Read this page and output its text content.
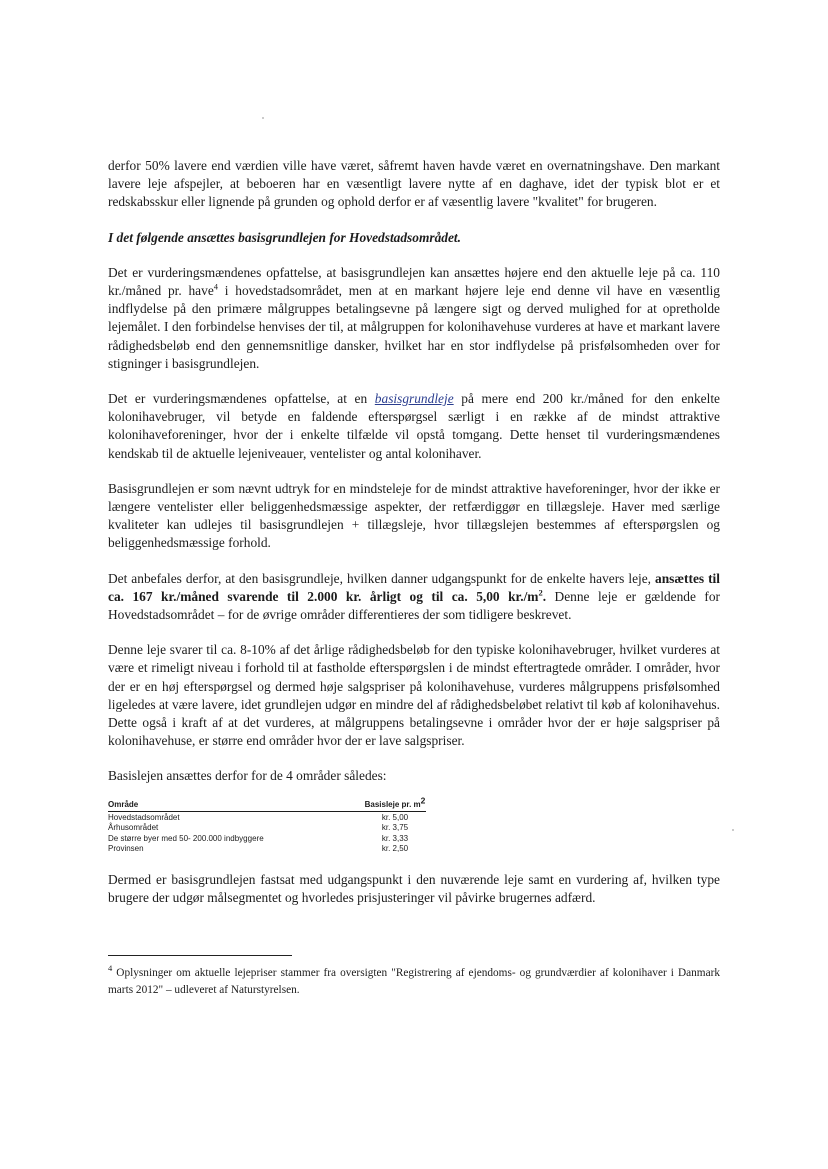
derfor 50% lavere end værdien ville have været, såfremt haven havde været en overnatningshave. Den markant lavere leje afspejler, at beboeren har en væsentligt lavere nytte af en daghave, idet der typisk blot er et redskabsskur eller lignende på grunden og ophold derfor er af væsentlig lavere "kvalitet" for brugeren.

I det følgende ansættes basisgrundlejen for Hovedstadsområdet.

Det er vurderingsmændenes opfattelse, at basisgrundlejen kan ansættes højere end den aktuelle leje på ca. 110 kr./måned pr. have$^4$ i hovedstadsområdet, men at en markant højere leje end denne vil have en væsentlig indflydelse på den primære målgruppes betalingsevne på længere sigt og derved mulighed for at opretholde lejemålet. I den forbindelse henvises der til, at målgruppen for kolonihavehuse vurderes at have et markant lavere rådighedsbeløb end den gennemsnitlige dansker, hvilket har en stor indflydelse på prisfølsomheden over for stigninger i basisgrundlejen.

Det er vurderingsmændenes opfattelse, at en basisgrundleje på mere end 200 kr./måned for den enkelte kolonihavebruger, vil betyde en faldende efterspørgsel særligt i en række af de mindst attraktive kolonihaveforeninger, hvor der i enkelte tilfælde vil opstå tomgang. Dette henset til vurderingsmændenes kendskab til de aktuelle lejeniveauer, ventelister og antal kolonihaver.

Basisgrundlejen er som nævnt udtryk for en mindsteleje for de mindst attraktive haveforeninger, hvor der ikke er længere ventelister eller beliggenhedsmæssige aspekter, der retfærdiggør en tillægsleje. Haver med særlige kvaliteter kan udlejes til basisgrundlejen + tillægsleje, hvor tillægslejen bestemmes af efterspørgslen og beliggenhedsmæssige forhold.

Det anbefales derfor, at den basisgrundleje, hvilken danner udgangspunkt for de enkelte havers leje, ansættes til ca. 167 kr./måned svarende til 2.000 kr. årligt og til ca. 5,00 $kr./m^2$. Denne leje er gældende for Hovedstadsområdet – for de øvrige områder differentieres der som tidligere beskrevet.

Denne leje svarer til ca. 8-10% af det årlige rådighedsbeløb for den typiske kolonihavebruger, hvilket vurderes at være et rimeligt niveau i forhold til at fastholde efterspørgslen i de mindst eftertragtede områder. I områder, hvor der er en høj efterspørgsel og dermed høje salgspriser på kolonihavehuse, vurderes målgruppens prisfølsomhed ligeledes at være lavere, idet grundlejen udgør en mindre del af rådighedsbeløbet relativt til køb af kolonihavehus. Dette også i kraft af at det vurderes, at målgruppens betalingsevne i områder hvor der er høje salgspriser på kolonihavehuse, er større end områder hvor der er lave salgspriser.

Basislejen ansættes derfor for de 4 områder således:

Område	Basisleje pr. $m^2$
Hovedstadsområdet	kr. 5,00
Århusområdet	kr. 3,75
De større byer med 50- 200.000 indbyggere	kr. 3,33
Provinsen	kr. 2,50

Dermed er basisgrundlejen fastsat med udgangspunkt i den nuværende leje samt en vurdering af, hvilken type brugere der udgør målsegmentet og hvorledes prisjusteringer vil påvirke brugernes adfærd.

$^4$ Oplysninger om aktuelle lejepriser stammer fra oversigten "Registrering af ejendoms- og grundværdier af kolonihaver i Danmark marts 2012" – udleveret af Naturstyrelsen.
